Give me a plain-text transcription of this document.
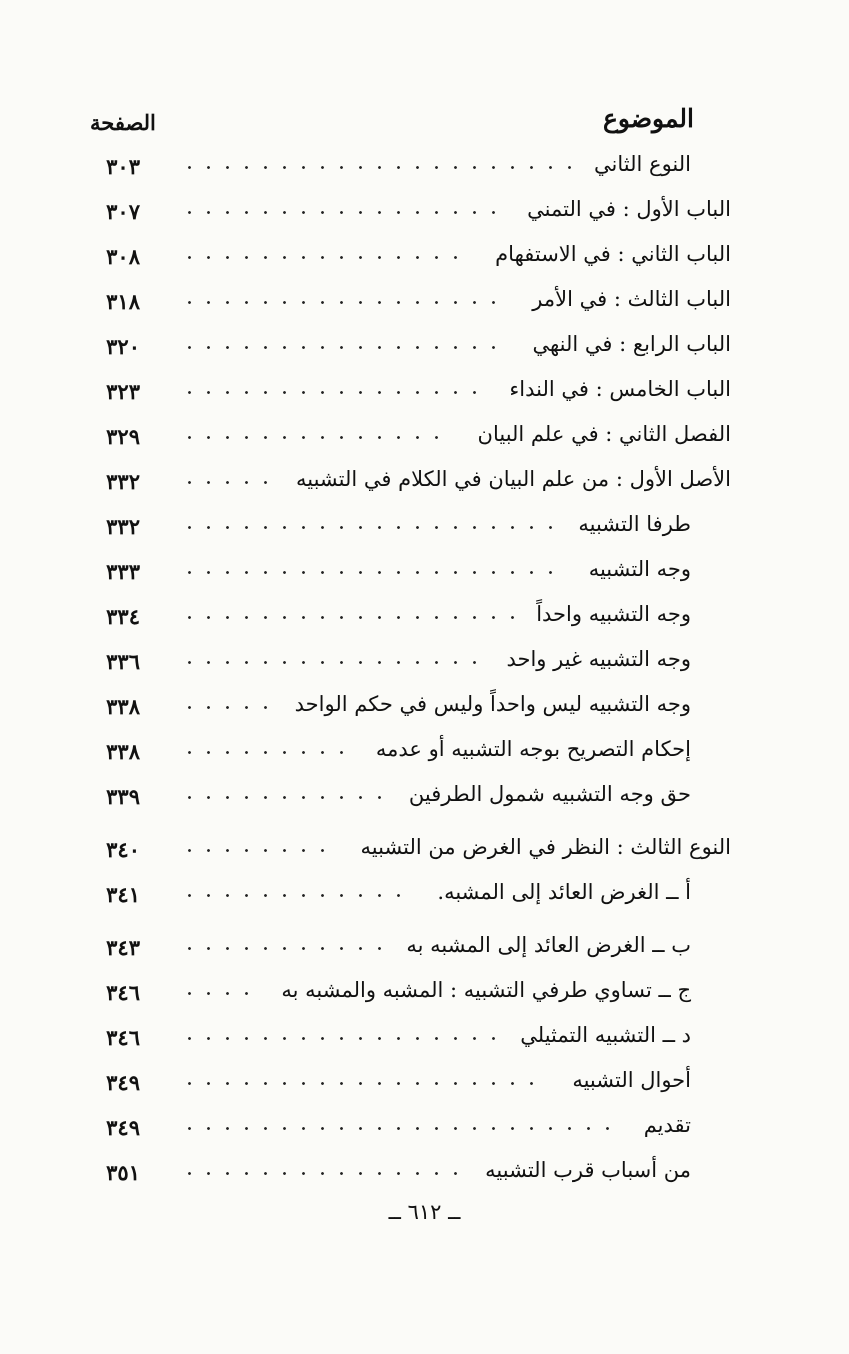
الموضوع
الصفحة
النوع الثاني
٣٠٣
الباب الأول : في التمني
٣٠٧
الباب الثاني : في الاستفهام
٣٠٨
الباب الثالث : في الأمر
٣١٨
الباب الرابع : في النهي
٣٢٠
الباب الخامس : في النداء
٣٢٣
الفصل الثاني : في علم البيان
٣٢٩
الأصل الأول : من علم البيان في الكلام في التشبيه
٣٣٢
طرفا التشبيه
٣٣٢
وجه التشبيه
٣٣٣
وجه التشبيه واحداً
٣٣٤
وجه التشبيه غير واحد
٣٣٦
وجه التشبيه ليس واحداً وليس في حكم الواحد
٣٣٨
إحكام التصريح بوجه التشبيه أو عدمه
٣٣٨
حق وجه التشبيه شمول الطرفين
٣٣٩
النوع الثالث : النظر في الغرض من التشبيه
٣٤٠
أ ــ الغرض العائد إلى المشبه.
٣٤١
ب ــ الغرض العائد إلى المشبه به
٣٤٣
ج ــ تساوي طرفي التشبيه : المشبه والمشبه به
٣٤٦
د ــ التشبيه التمثيلي
٣٤٦
أحوال التشبيه
٣٤٩
تقديم
٣٤٩
من أسباب قرب التشبيه
٣٥١
ــ ٦١٢ ــ
